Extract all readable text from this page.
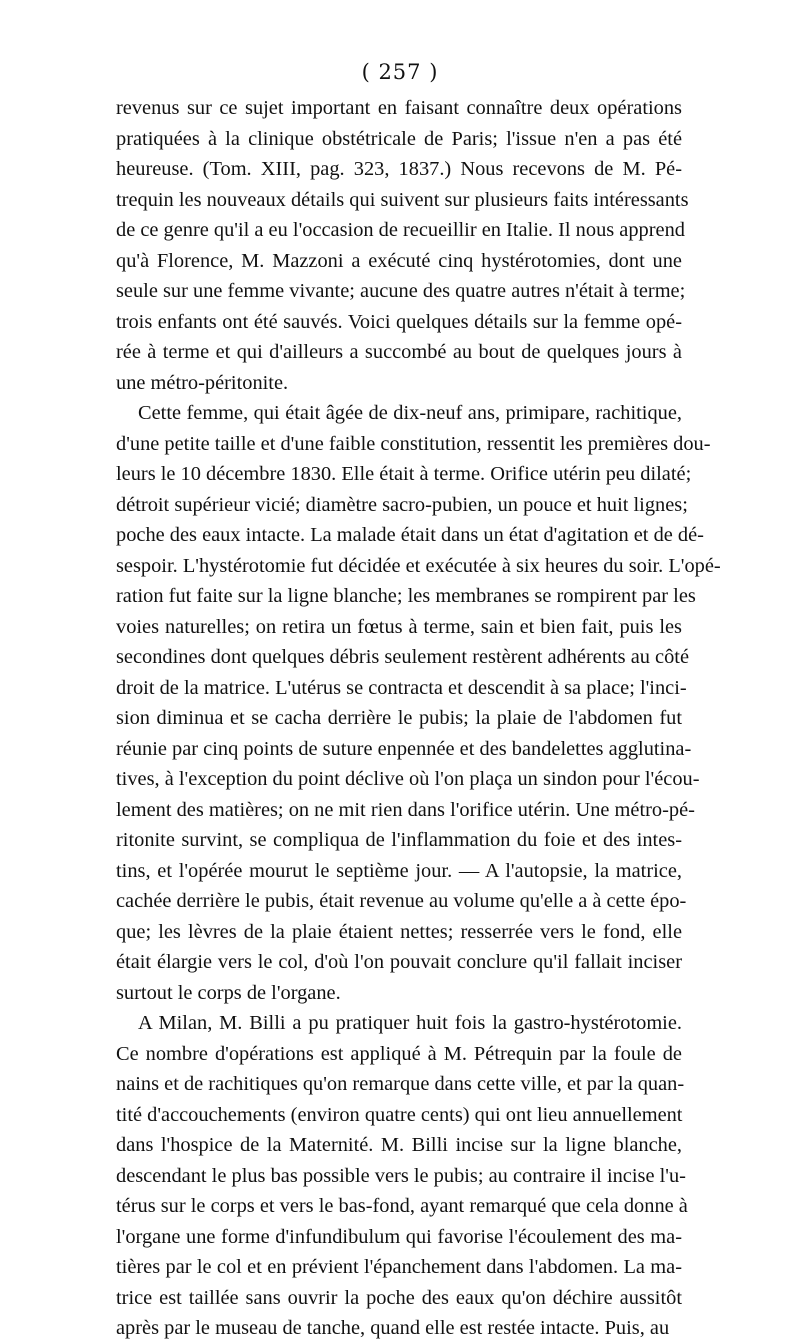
( 257 )
revenus sur ce sujet important en faisant connaître deux opérations
pratiquées à la clinique obstétricale de Paris; l'issue n'en a pas été
heureuse. (Tom. XIII, pag. 323, 1837.) Nous recevons de M. Pé-
trequin les nouveaux détails qui suivent sur plusieurs faits intéressants
de ce genre qu'il a eu l'occasion de recueillir en Italie. Il nous apprend
qu'à Florence, M. Mazzoni a exécuté cinq hystérotomies, dont une
seule sur une femme vivante; aucune des quatre autres n'était à terme;
trois enfants ont été sauvés. Voici quelques détails sur la femme opé-
rée à terme et qui d'ailleurs a succombé au bout de quelques jours à
une métro-péritonite.
Cette femme, qui était âgée de dix-neuf ans, primipare, rachitique,
d'une petite taille et d'une faible constitution, ressentit les premières dou-
leurs le 10 décembre 1830. Elle était à terme. Orifice utérin peu dilaté;
détroit supérieur vicié; diamètre sacro-pubien, un pouce et huit lignes;
poche des eaux intacte. La malade était dans un état d'agitation et de dé-
sespoir. L'hystérotomie fut décidée et exécutée à six heures du soir. L'opé-
ration fut faite sur la ligne blanche; les membranes se rompirent par les
voies naturelles; on retira un fœtus à terme, sain et bien fait, puis les
secondines dont quelques débris seulement restèrent adhérents au côté
droit de la matrice. L'utérus se contracta et descendit à sa place; l'inci-
sion diminua et se cacha derrière le pubis; la plaie de l'abdomen fut
réunie par cinq points de suture enpennée et des bandelettes agglutina-
tives, à l'exception du point déclive où l'on plaça un sindon pour l'écou-
lement des matières; on ne mit rien dans l'orifice utérin. Une métro-pé-
ritonite survint, se compliqua de l'inflammation du foie et des intes-
tins, et l'opérée mourut le septième jour. — A l'autopsie, la matrice,
cachée derrière le pubis, était revenue au volume qu'elle a à cette épo-
que; les lèvres de la plaie étaient nettes; resserrée vers le fond, elle
était élargie vers le col, d'où l'on pouvait conclure qu'il fallait inciser
surtout le corps de l'organe.
A Milan, M. Billi a pu pratiquer huit fois la gastro-hystérotomie.
Ce nombre d'opérations est appliqué à M. Pétrequin par la foule de
nains et de rachitiques qu'on remarque dans cette ville, et par la quan-
tité d'accouchements (environ quatre cents) qui ont lieu annuellement
dans l'hospice de la Maternité. M. Billi incise sur la ligne blanche,
descendant le plus bas possible vers le pubis; au contraire il incise l'u-
térus sur le corps et vers le bas-fond, ayant remarqué que cela donne à
l'organe une forme d'infundibulum qui favorise l'écoulement des ma-
tières par le col et en prévient l'épanchement dans l'abdomen. La ma-
trice est taillée sans ouvrir la poche des eaux qu'on déchire aussitôt
après par le museau de tanche, quand elle est restée intacte. Puis, au
